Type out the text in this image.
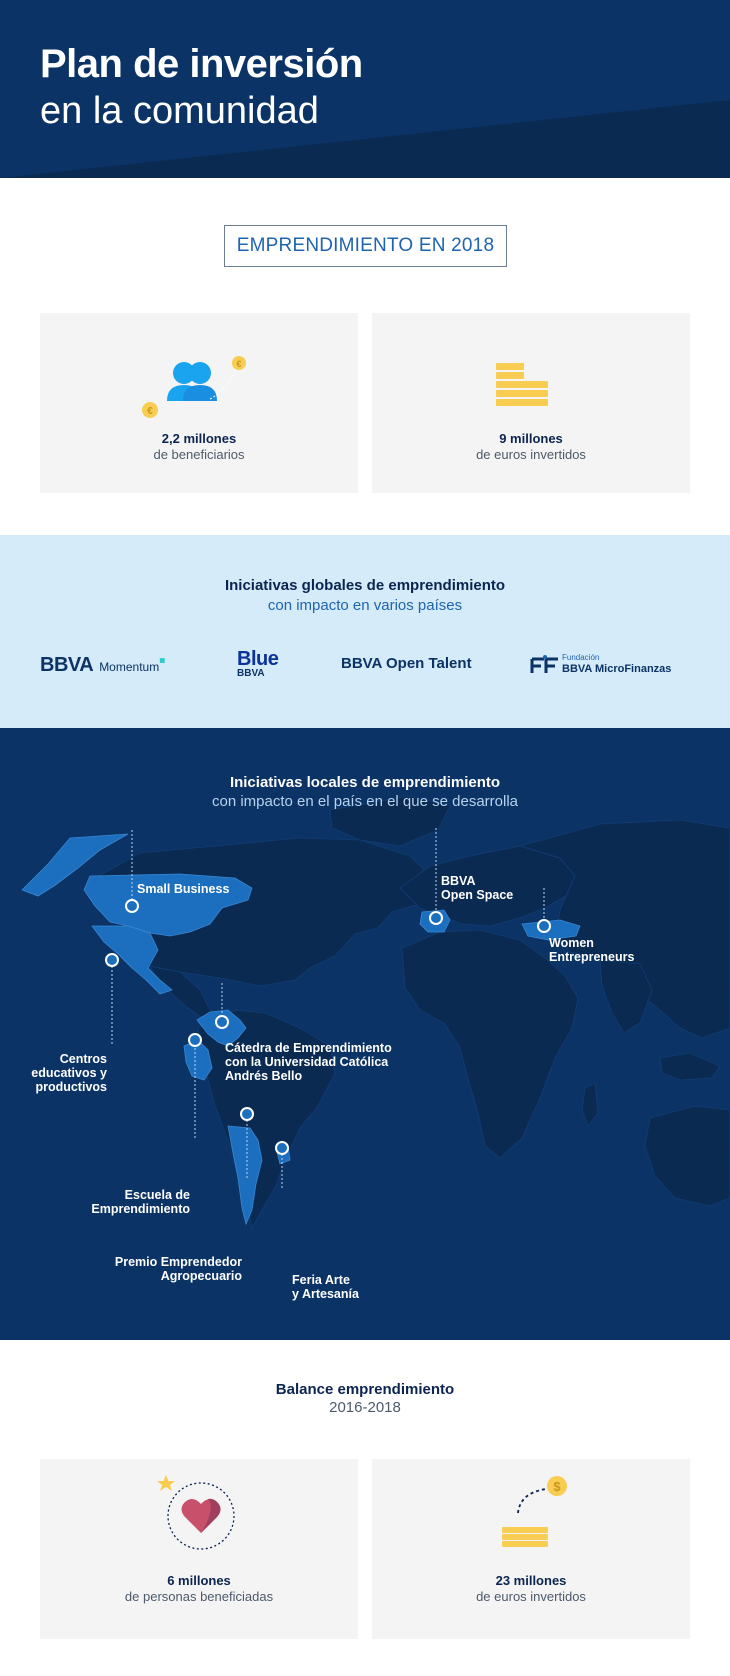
Plan de inversión
en la comunidad
EMPRENDIMIENTO EN 2018
€
€
2,2 millones
de beneficiarios
9 millones
de euros invertidos
Iniciativas globales de emprendimiento
con impacto en varios países
BBVA Momentum■	Blue
BBVA
BBVA Open Talent	Fundación
BBVA MicroFinanzas
Iniciativas locales de emprendimiento
con impacto en el país en el que se desarrolla
Small Business
BBVA
Open Space
Women
Entrepreneurs
Centros
educativos y
productivos
Cátedra de Emprendimiento
con la Universidad Católica
Andrés Bello
Escuela de
Emprendimiento
Premio Emprendedor
Agropecuario	Feria Arte
y Artesanía
Balance emprendimiento
2016-2018
6 millones
de personas beneficiadas
$
23 millones
de euros invertidos
